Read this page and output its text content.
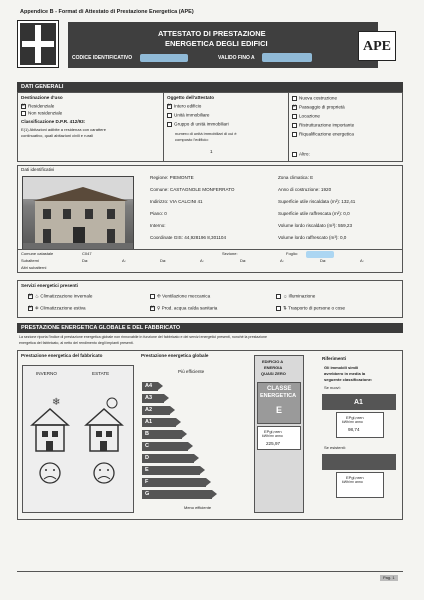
Appendice B - Format di Attestato di Prestazione Energetica (APE)
ATTESTATO DI PRESTAZIONE
ENERGETICA DEGLI EDIFICI
CODICE IDENTIFICATIVO	VALIDO FINO A
APE
DATI GENERALI
Destinazione d'uso
×Residenziale
Non residenziale
Classificazione D.P.R. 412/93:
E(1) Abitazioni adibite a residenza con carattere
continuativo, quali abitazioni civili e rurali
Oggetto dell'attestato
×Intero edificio
Unità immobiliare
Gruppo di unità immobiliari
numero di unità immobiliari di cui è
composto l'edificio:
1
Nuova costruzione
×Passaggio di proprietà
Locazione
Ristrutturazione importante
Riqualificazione energetica
Altro:
Dati identificativi
Regione: PIEMONTE
Comune: CASTAGNOLE MONFERRATO
Indirizzo: VIA CALCINI 41
Piano: 0
Interno:
Coordinate GIS: 44,928196 8,301104
Zona climatica: E
Anno di costruzione: 1920
Superficie utile riscaldata (m²): 132,41
Superficie utile raffrescata (m²): 0,0
Volume lordo riscaldato (m³): 559,23
Volume lordo raffrescato (m³): 0,0
Comune catastale	C047	Sezione:	Foglio:
Subalterni	Da:	A:	Da:	A:	Da:	A:	Da:	A:
Altri subalterni
Servizi energetici presenti
×♨ Climatizzazione invernale
×❄ Climatizzazione estiva
✣ Ventilazione meccanica
×⚲ Prod. acqua calda sanitaria
☼ Illuminazione
⇅ Trasporto di persone o cose
PRESTAZIONE ENERGETICA GLOBALE E DEL FABBRICATO
La sezione riporta l'indice di prestazione energetica globale non rinnovabile in funzione del fabbricato e dei servizi energetici presenti, nonché la prestazione
energetica del fabbricato, al netto del rendimento degli impianti presenti.
Prestazione energetica del fabbricato
INVERNO	ESTATE
❄
Prestazione energetica globale
Più efficiente
A4
A3
A2
A1
B
C
D
E
F
G
Meno efficiente
EDIFICIO A
ENERGIA
QUASI ZERO
CLASSE
ENERGETICA
E
EPgl,nren
kWh/m² anno
225,97
Riferimenti
Gli immobili simili
avrebbero in media la
seguente classificazione:
Se nuovi:
A1
EPgl,nren
kWh/m² anno
98,74
Se esistenti:
EPgl,nren
kWh/m² anno
Pag. 1
